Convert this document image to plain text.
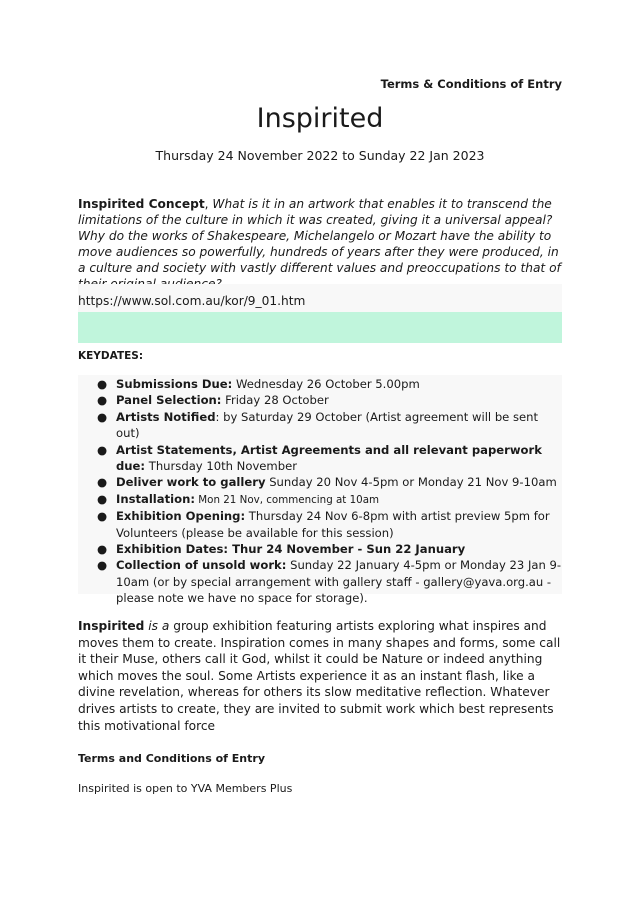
Terms & Conditions of Entry
Inspirited
Thursday 24 November 2022 to Sunday 22 Jan 2023

Inspirited Concept, What is it in an artwork that enables it to transcend the limitations of the culture in which it was created, giving it a universal appeal? Why do the works of Shakespeare, Michelangelo or Mozart have the ability to move audiences so powerfully, hundreds of years after they were produced, in a culture and society with vastly different values and preoccupations to that of

https://www.sol.com.au/kor/9_01.htm
KEYDATES:
● Submissions Due: Wednesday 26 October 5.00pm
● Panel Selection: Friday 28 October
● Artists Notified: by Saturday 29 October (Artist agreement will be sent out)
● Artist Statements, Artist Agreements and all relevant paperwork due: Thursday 10th November
● Deliver work to gallery Sunday 20 Nov 4-5pm or Monday 21 Nov 9-10am
● Installation: Mon 21 Nov, commencing at 10am
● Exhibition Opening: Thursday 24 Nov 6-8pm with artist preview 5pm for Volunteers (please be available for this session)
● Exhibition Dates: Thur 24 November - Sun 22 January
● Collection of unsold work: Sunday 22 January 4-5pm or Monday 23 Jan 9-10am (or by special arrangement with gallery staff - gallery@yava.org.au - please note we have no space for storage).

Inspirited is a group exhibition featuring artists exploring what inspires and moves them to create. Inspiration comes in many shapes and forms, some call it their Muse, others call it God, whilst it could be Nature or indeed anything which moves the soul. Some Artists experience it as an instant flash, like a divine revelation, whereas for others its slow meditative reflection. Whatever drives artists to create, they are invited to submit work which best represents this motivational force

Terms and Conditions of Entry
Inspirited is open to YVA Members Plus
